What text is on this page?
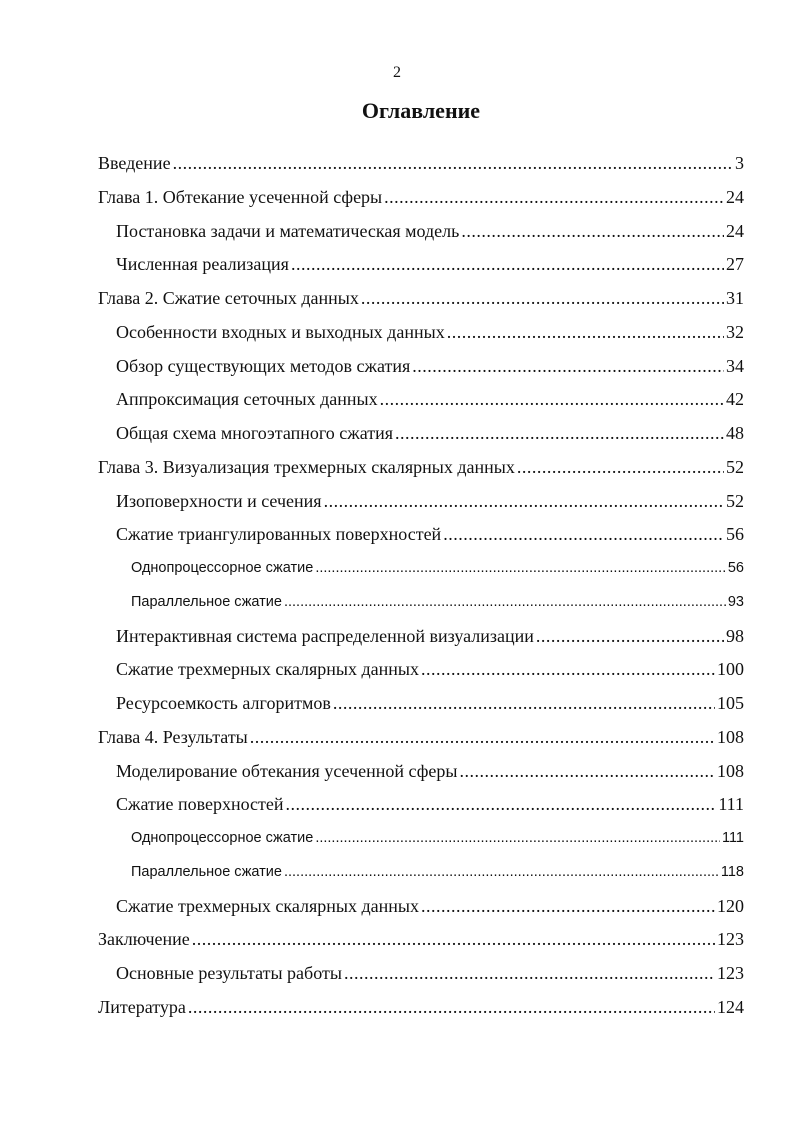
2
Оглавление
Введение .....	3
Глава 1. Обтекание усеченной сферы .....	24
Постановка задачи и математическая модель .....	24
Численная реализация .....	27
Глава 2. Сжатие сеточных данных .....	31
Особенности входных и выходных данных .....	32
Обзор существующих методов сжатия .....	34
Аппроксимация сеточных данных .....	42
Общая схема многоэтапного сжатия .....	48
Глава 3. Визуализация трехмерных скалярных данных .....	52
Изоповерхности и сечения .....	52
Сжатие триангулированных поверхностей .....	56
Однопроцессорное сжатие .....	56
Параллельное сжатие .....	93
Интерактивная система распределенной визуализации .....	98
Сжатие трехмерных скалярных данных .....	100
Ресурсоемкость алгоритмов .....	105
Глава 4. Результаты .....	108
Моделирование обтекания усеченной сферы .....	108
Сжатие поверхностей .....	111
Однопроцессорное сжатие .....	111
Параллельное сжатие .....	118
Сжатие трехмерных скалярных данных .....	120
Заключение .....	123
Основные результаты работы .....	123
Литература .....	124
